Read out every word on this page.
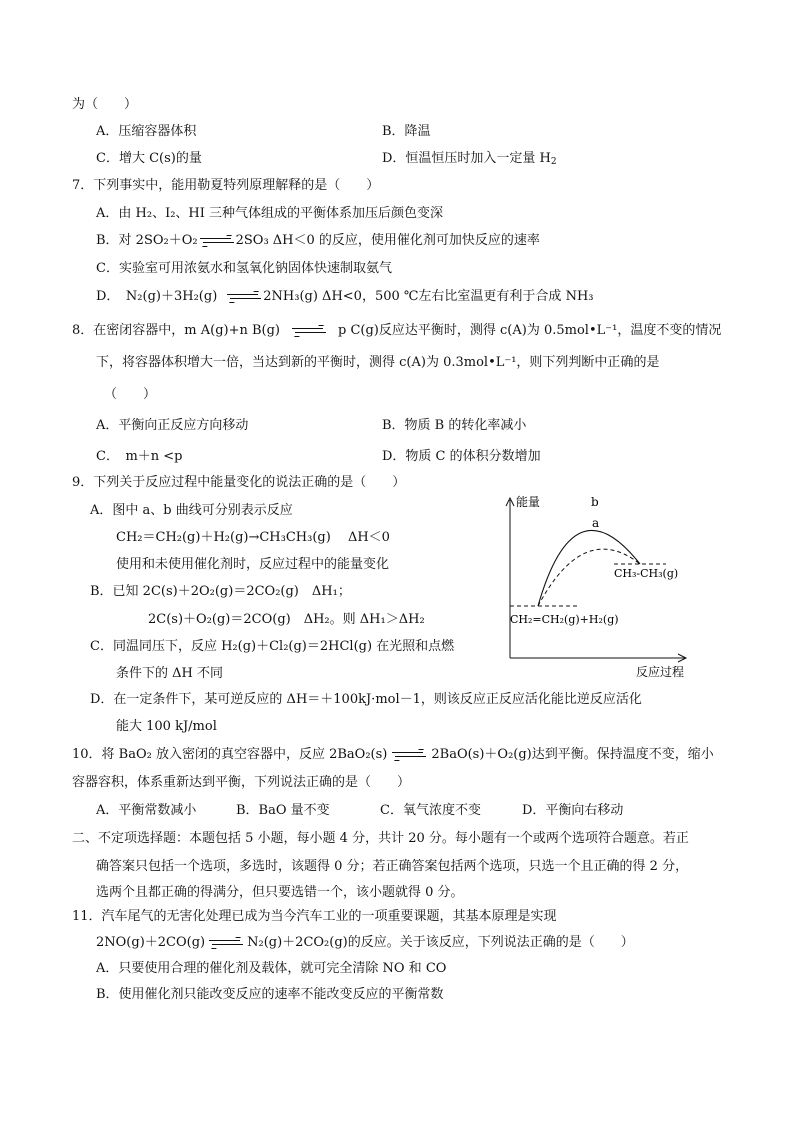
为（　　）
A．压缩容器体积	B．降温
C．增大 C(s)的量	D．恒温恒压时加入一定量 $H_2$
7．下列事实中，能用勒夏特列原理解释的是（　　）
A．由 H₂、I₂、HI 三种气体组成的平衡体系加压后颜色变深
B．对 2SO₂＋O₂ → 2SO₃ ΔH＜0 的反应，使用催化剂可加快反应的速率
C．实验室可用浓氨水和氢氧化钠固体快速制取氨气
D．　N₂(g)＋3H₂(g) → 2NH₃(g) ΔH<0，500 ℃左右比室温更有利于合成 NH₃
8．在密闭容器中，m A(g)+n B(g) → p C(g)反应达平衡时，测得 c(A)为 0.5mol•L⁻¹，温度不变的情况
下，将容器体积增大一倍，当达到新的平衡时，测得 c(A)为 0.3mol•L⁻¹，则下列判断中正确的是
（　　）
A．平衡向正反应方向移动	B．物质 B 的转化率减小
C．　m＋n <p	D．物质 C 的体积分数增加
9．下列关于反应过程中能量变化的说法正确的是（　　）
A．图中 a、b 曲线可分别表示反应
CH₂＝CH₂(g)＋H₂(g)→CH₃CH₃(g)　 ΔH＜0
使用和未使用催化剂时，反应过程中的能量变化
B．已知 2C(s)＋2O₂(g)＝2CO₂(g)　ΔH₁；
2C(s)＋O₂(g)＝2CO(g)　ΔH₂。则 ΔH₁＞ΔH₂
C．同温同压下，反应 H₂(g)＋Cl₂(g)＝2HCl(g) 在光照和点燃
条件下的 ΔH 不同
D．在一定条件下，某可逆反应的 ΔH＝＋100kJ·mol－1，则该反应正反应活化能比逆反应活化
能大 100 kJ/mol
能量
反应过程
b
a
CH₃-CH₃(g)
CH₂=CH₂(g)+H₂(g)
10．将 BaO₂ 放入密闭的真空容器中，反应 2BaO₂(s) → 2BaO(s)＋O₂(g)达到平衡。保持温度不变，缩小
容器容积，体系重新达到平衡，下列说法正确的是（　　）
A．平衡常数减小	B．BaO 量不变	C．氧气浓度不变	D．平衡向右移动
二、不定项选择题：本题包括 5 小题，每小题 4 分，共计 20 分。每小题有一个或两个选项符合题意。若正
确答案只包括一个选项，多选时，该题得 0 分；若正确答案包括两个选项，只选一个且正确的得 2 分，
选两个且都正确的得满分，但只要选错一个，该小题就得 0 分。
11．汽车尾气的无害化处理已成为当今汽车工业的一项重要课题，其基本原理是实现
2NO(g)＋2CO(g) → N₂(g)＋2CO₂(g)的反应。关于该反应，下列说法正确的是（　　）
A．只要使用合理的催化剂及载体，就可完全清除 NO 和 CO
B．使用催化剂只能改变反应的速率不能改变反应的平衡常数
